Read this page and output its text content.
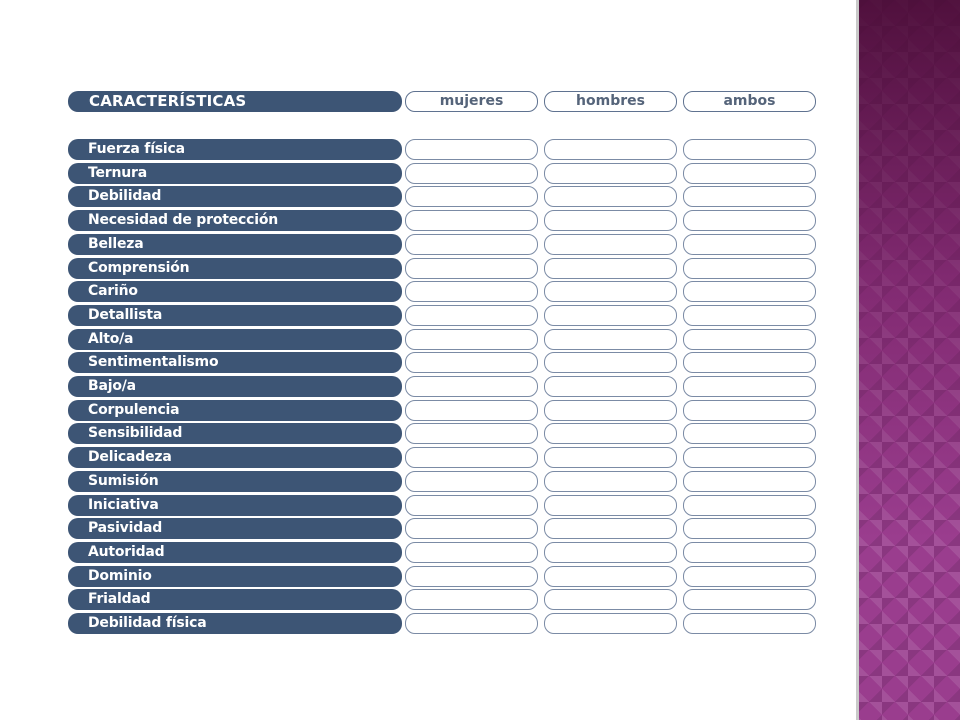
CARACTERÍSTICAS	mujeres	hombres	ambos
Fuerza física
Ternura
Debilidad
Necesidad de protección
Belleza
Comprensión
Cariño
Detallista
Alto/a
Sentimentalismo
Bajo/a
Corpulencia
Sensibilidad
Delicadeza
Sumisión
Iniciativa
Pasividad
Autoridad
Dominio
Frialdad
Debilidad física
